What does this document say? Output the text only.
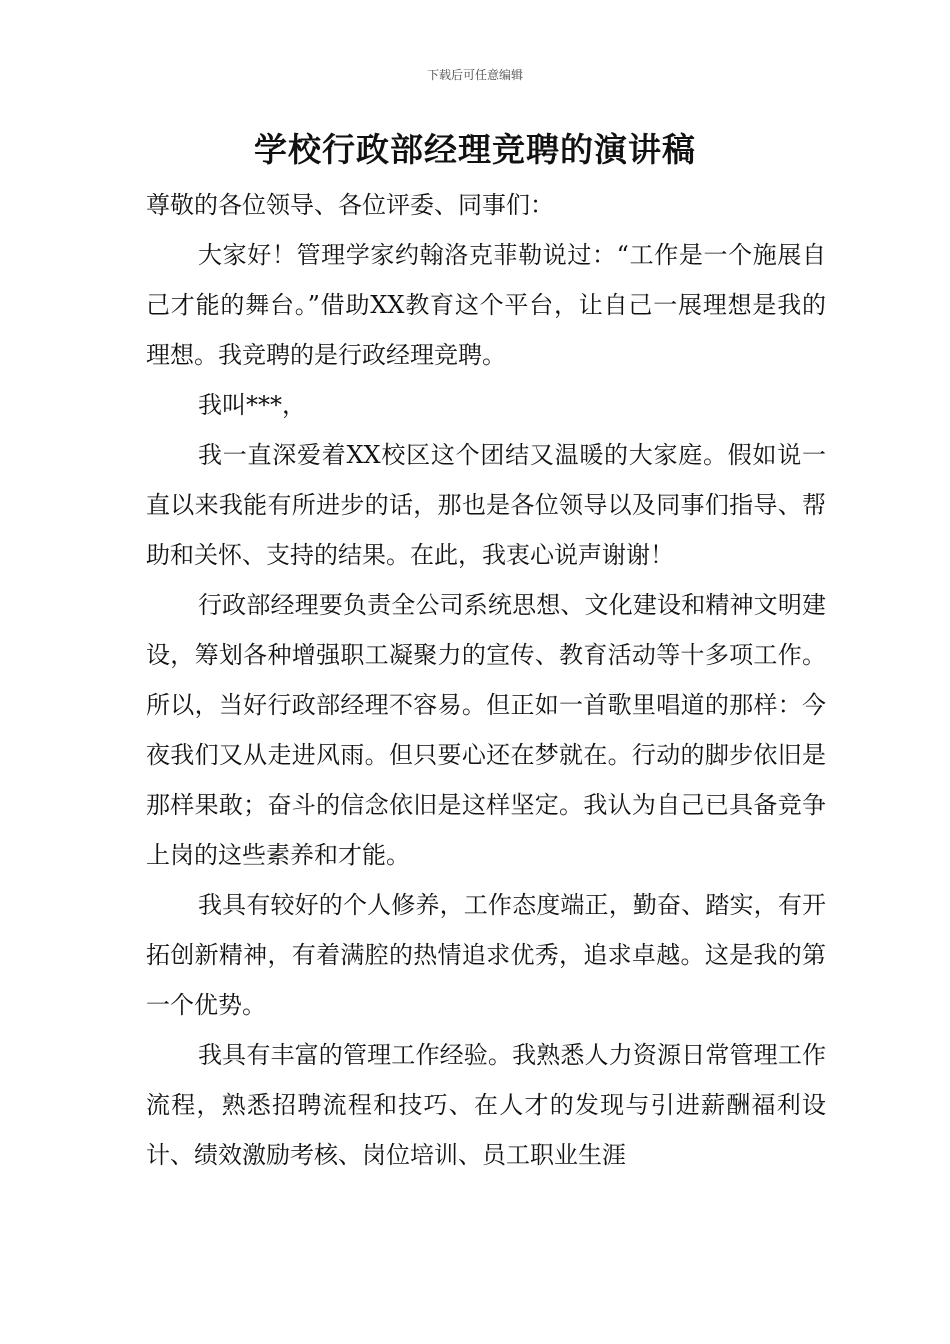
下载后可任意编辑
学校行政部经理竞聘的演讲稿

尊敬的各位领导、各位评委、同事们：

大家好！管理学家约翰洛克菲勒说过：“工作是一个施展自己才能的舞台。”借助XX教育这个平台，让自己一展理想是我的理想。我竞聘的是行政经理竞聘。

我叫***，

我一直深爱着XX校区这个团结又温暖的大家庭。假如说一直以来我能有所进步的话，那也是各位领导以及同事们指导、帮助和关怀、支持的结果。在此，我衷心说声谢谢！

行政部经理要负责全公司系统思想、文化建设和精神文明建设，筹划各种增强职工凝聚力的宣传、教育活动等十多项工作。所以，当好行政部经理不容易。但正如一首歌里唱道的那样：今夜我们又从走进风雨。但只要心还在梦就在。行动的脚步依旧是那样果敢；奋斗的信念依旧是这样坚定。我认为自己已具备竞争上岗的这些素养和才能。

我具有较好的个人修养，工作态度端正，勤奋、踏实，有开拓创新精神，有着满腔的热情追求优秀，追求卓越。这是我的第一个优势。

我具有丰富的管理工作经验。我熟悉人力资源日常管理工作流程，熟悉招聘流程和技巧、在人才的发现与引进薪酬福利设计、绩效激励考核、岗位培训、员工职业生涯
